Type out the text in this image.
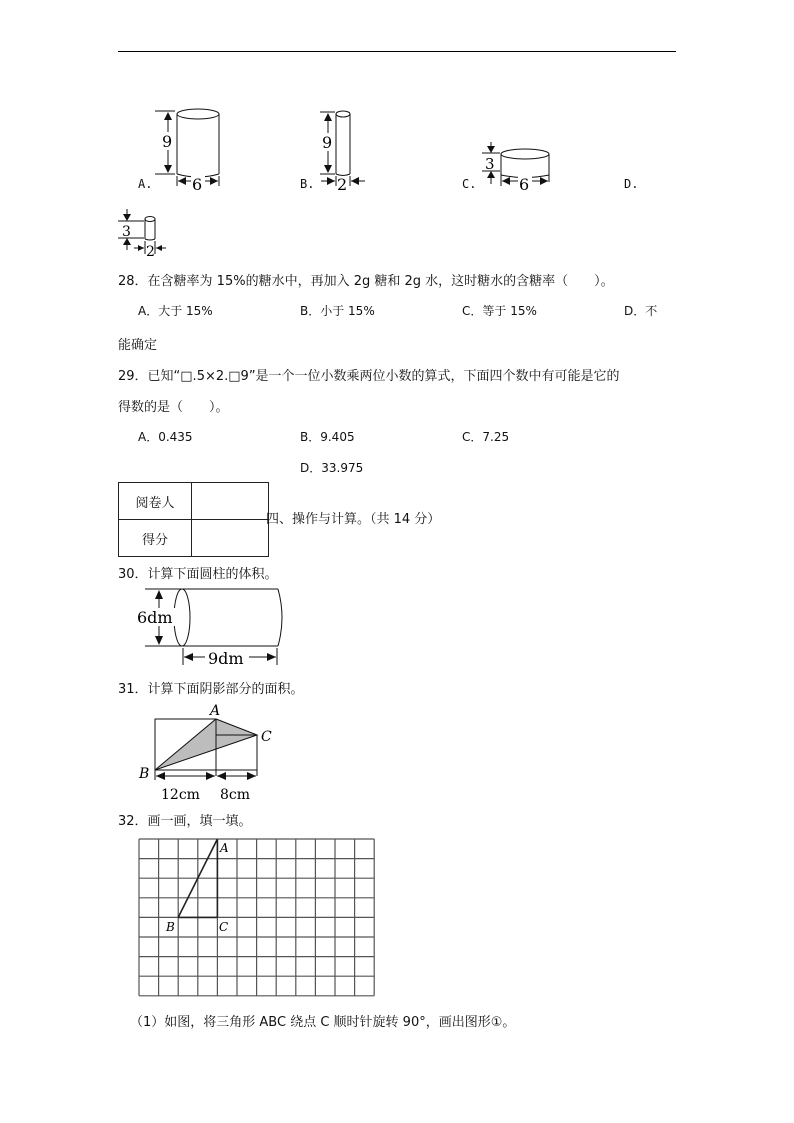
A.
9
6	B.
9
2	C.
3
6	D.
3
2
28．在含糖率为 15%的糖水中，再加入 2g 糖和 2g 水，这时糖水的含糖率（　　）。
A．大于 15%	B．小于 15%	C．等于 15%	D．不
能确定
29．已知“□.5×2.□9”是一个一位小数乘两位小数的算式，下面四个数中有可能是它的
得数的是（　　）。
A．0.435	B．9.405	C．7.25
D．33.975
阅卷人	
得分	
四、操作与计算。（共 14 分）
30．计算下面圆柱的体积。
6dm
9dm
31．计算下面阴影部分的面积。
A
C
B
12cm 8cm
32．画一画，填一填。
A
B	C
（1）如图，将三角形 ABC 绕点 C 顺时针旋转 90°，画出图形①。
